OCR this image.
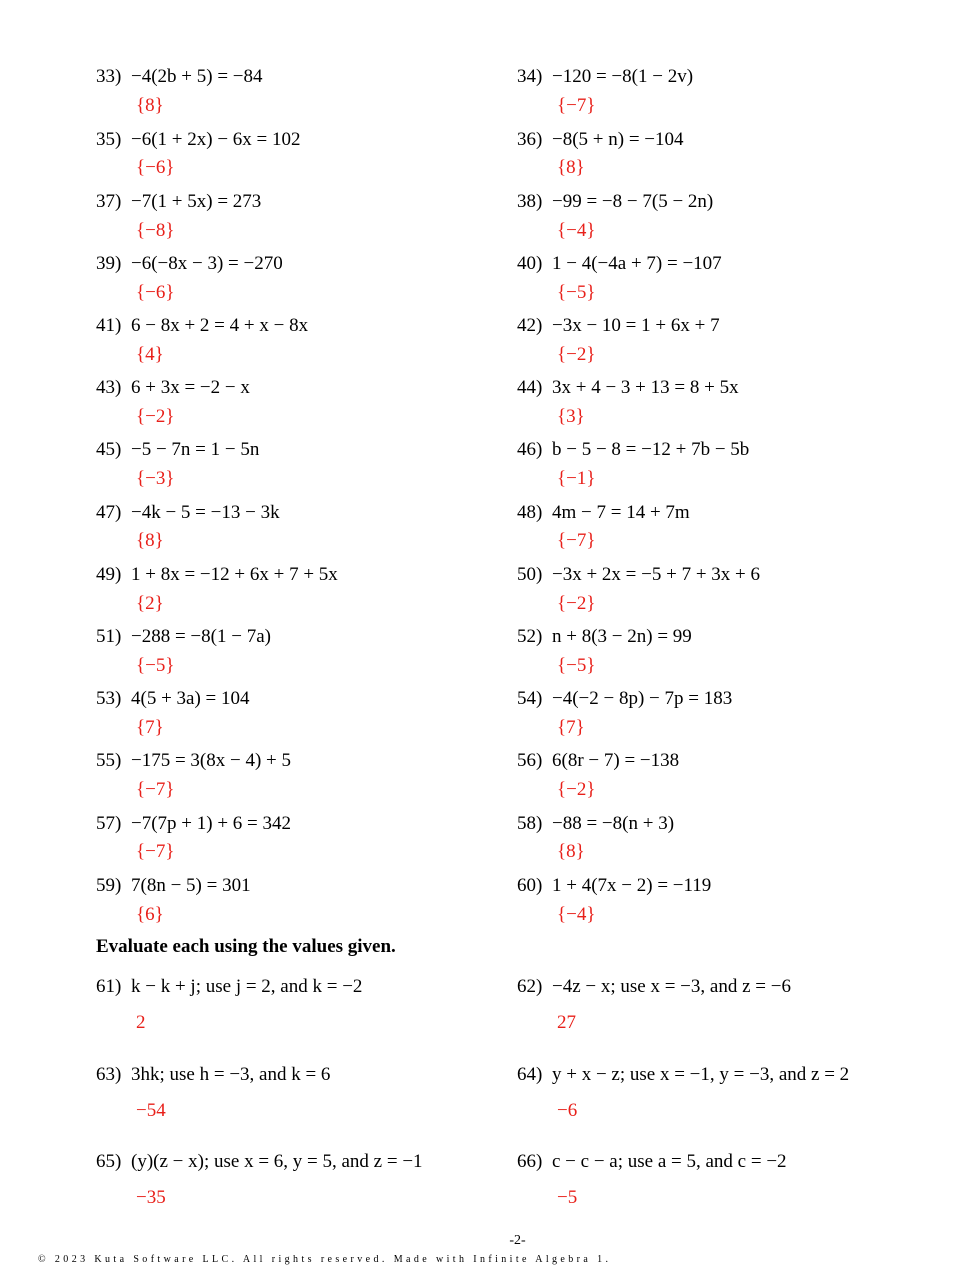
33) −4(2b + 5) = −84
{8}
34) −120 = −8(1 − 2v)
{−7}
35) −6(1 + 2x) − 6x = 102
{−6}
36) −8(5 + n) = −104
{8}
37) −7(1 + 5x) = 273
{−8}
38) −99 = −8 − 7(5 − 2n)
{−4}
39) −6(−8x − 3) = −270
{−6}
40) 1 − 4(−4a + 7) = −107
{−5}
41) 6 − 8x + 2 = 4 + x − 8x
{4}
42) −3x − 10 = 1 + 6x + 7
{−2}
43) 6 + 3x = −2 − x
{−2}
44) 3x + 4 − 3 + 13 = 8 + 5x
{3}
45) −5 − 7n = 1 − 5n
{−3}
46) b − 5 − 8 = −12 + 7b − 5b
{−1}
47) −4k − 5 = −13 − 3k
{8}
48) 4m − 7 = 14 + 7m
{−7}
49) 1 + 8x = −12 + 6x + 7 + 5x
{2}
50) −3x + 2x = −5 + 7 + 3x + 6
{−2}
51) −288 = −8(1 − 7a)
{−5}
52) n + 8(3 − 2n) = 99
{−5}
53) 4(5 + 3a) = 104
{7}
54) −4(−2 − 8p) − 7p = 183
{7}
55) −175 = 3(8x − 4) + 5
{−7}
56) 6(8r − 7) = −138
{−2}
57) −7(7p + 1) + 6 = 342
{−7}
58) −88 = −8(n + 3)
{8}
59) 7(8n − 5) = 301
{6}
60) 1 + 4(7x − 2) = −119
{−4}
Evaluate each using the values given.
61) k − k + j; use j = 2, and k = −2
2
62) −4z − x; use x = −3, and z = −6
27
63) 3hk; use h = −3, and k = 6
−54
64) y + x − z; use x = −1, y = −3, and z = 2
−6
65) (y)(z − x); use x = 6, y = 5, and z = −1
−35
66) c − c − a; use a = 5, and c = −2
−5
-2-
© 2023 Kuta Software LLC. All rights reserved. Made with Infinite Algebra 1.
